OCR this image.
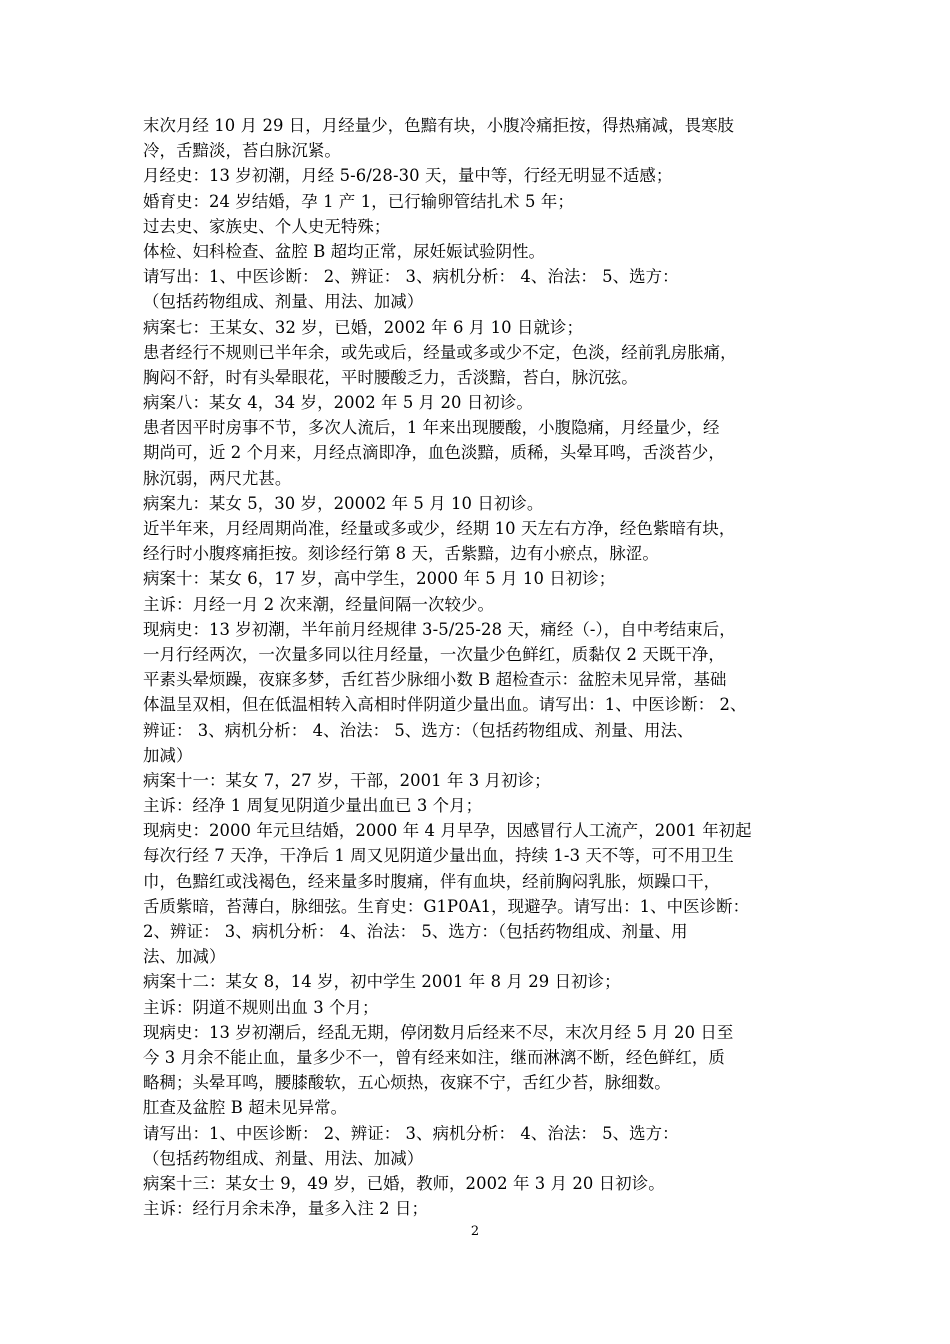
末次月经 10 月 29 日，月经量少，色黯有块，小腹冷痛拒按，得热痛减，畏寒肢
冷，舌黯淡，苔白脉沉紧。
月经史：13 岁初潮，月经 5-6/28-30 天，量中等，行经无明显不适感；
婚育史：24 岁结婚，孕 1 产 1，已行输卵管结扎术 5 年；
过去史、家族史、个人史无特殊；
体检、妇科检查、盆腔 B 超均正常，尿妊娠试验阴性。
请写出：1、中医诊断： 2、辨证： 3、病机分析： 4、治法： 5、选方：
（包括药物组成、剂量、用法、加减）
病案七：王某女、32 岁，已婚，2002 年 6 月 10 日就诊；
患者经行不规则已半年余，或先或后，经量或多或少不定，色淡，经前乳房胀痛，
胸闷不舒，时有头晕眼花，平时腰酸乏力，舌淡黯，苔白，脉沉弦。
病案八：某女 4，34 岁，2002 年 5 月 20 日初诊。
患者因平时房事不节，多次人流后，1 年来出现腰酸，小腹隐痛，月经量少，经
期尚可，近 2 个月来，月经点滴即净，血色淡黯，质稀，头晕耳鸣，舌淡苔少，
脉沉弱，两尺尤甚。
病案九：某女 5，30 岁，20002 年 5 月 10 日初诊。
近半年来，月经周期尚准，经量或多或少，经期 10 天左右方净，经色紫暗有块，
经行时小腹疼痛拒按。刻诊经行第 8 天，舌紫黯，边有小瘀点，脉涩。
病案十：某女 6，17 岁，高中学生，2000 年 5 月 10 日初诊；
主诉：月经一月 2 次来潮，经量间隔一次较少。
现病史：13 岁初潮，半年前月经规律 3-5/25-28 天，痛经（-），自中考结束后，
一月行经两次，一次量多同以往月经量，一次量少色鲜红，质黏仅 2 天既干净，
平素头晕烦躁，夜寐多梦，舌红苔少脉细小数 B 超检查示：盆腔未见异常，基础
体温呈双相，但在低温相转入高相时伴阴道少量出血。请写出：1、中医诊断： 2、
辨证： 3、病机分析： 4、治法： 5、选方：（包括药物组成、剂量、用法、
加减）
病案十一：某女 7，27 岁，干部，2001 年 3 月初诊；
主诉：经净 1 周复见阴道少量出血已 3 个月；
现病史：2000 年元旦结婚，2000 年 4 月早孕，因感冒行人工流产，2001 年初起
每次行经 7 天净，干净后 1 周又见阴道少量出血，持续 1-3 天不等，可不用卫生
巾，色黯红或浅褐色，经来量多时腹痛，伴有血块，经前胸闷乳胀，烦躁口干，
舌质紫暗，苔薄白，脉细弦。生育史：G1P0A1，现避孕。请写出：1、中医诊断：
2、辨证： 3、病机分析： 4、治法： 5、选方：（包括药物组成、剂量、用
法、加减）
病案十二：某女 8，14 岁，初中学生 2001 年 8 月 29 日初诊；
主诉：阴道不规则出血 3 个月；
现病史：13 岁初潮后，经乱无期，停闭数月后经来不尽，末次月经 5 月 20 日至
今 3 月余不能止血，量多少不一，曾有经来如注，继而淋漓不断，经色鲜红，质
略稠；头晕耳鸣，腰膝酸软，五心烦热，夜寐不宁，舌红少苔，脉细数。
肛查及盆腔 B 超未见异常。
请写出：1、中医诊断： 2、辨证： 3、病机分析： 4、治法： 5、选方：
（包括药物组成、剂量、用法、加减）
病案十三：某女士 9，49 岁，已婚，教师，2002 年 3 月 20 日初诊。
主诉：经行月余未净，量多入注 2 日；
2
